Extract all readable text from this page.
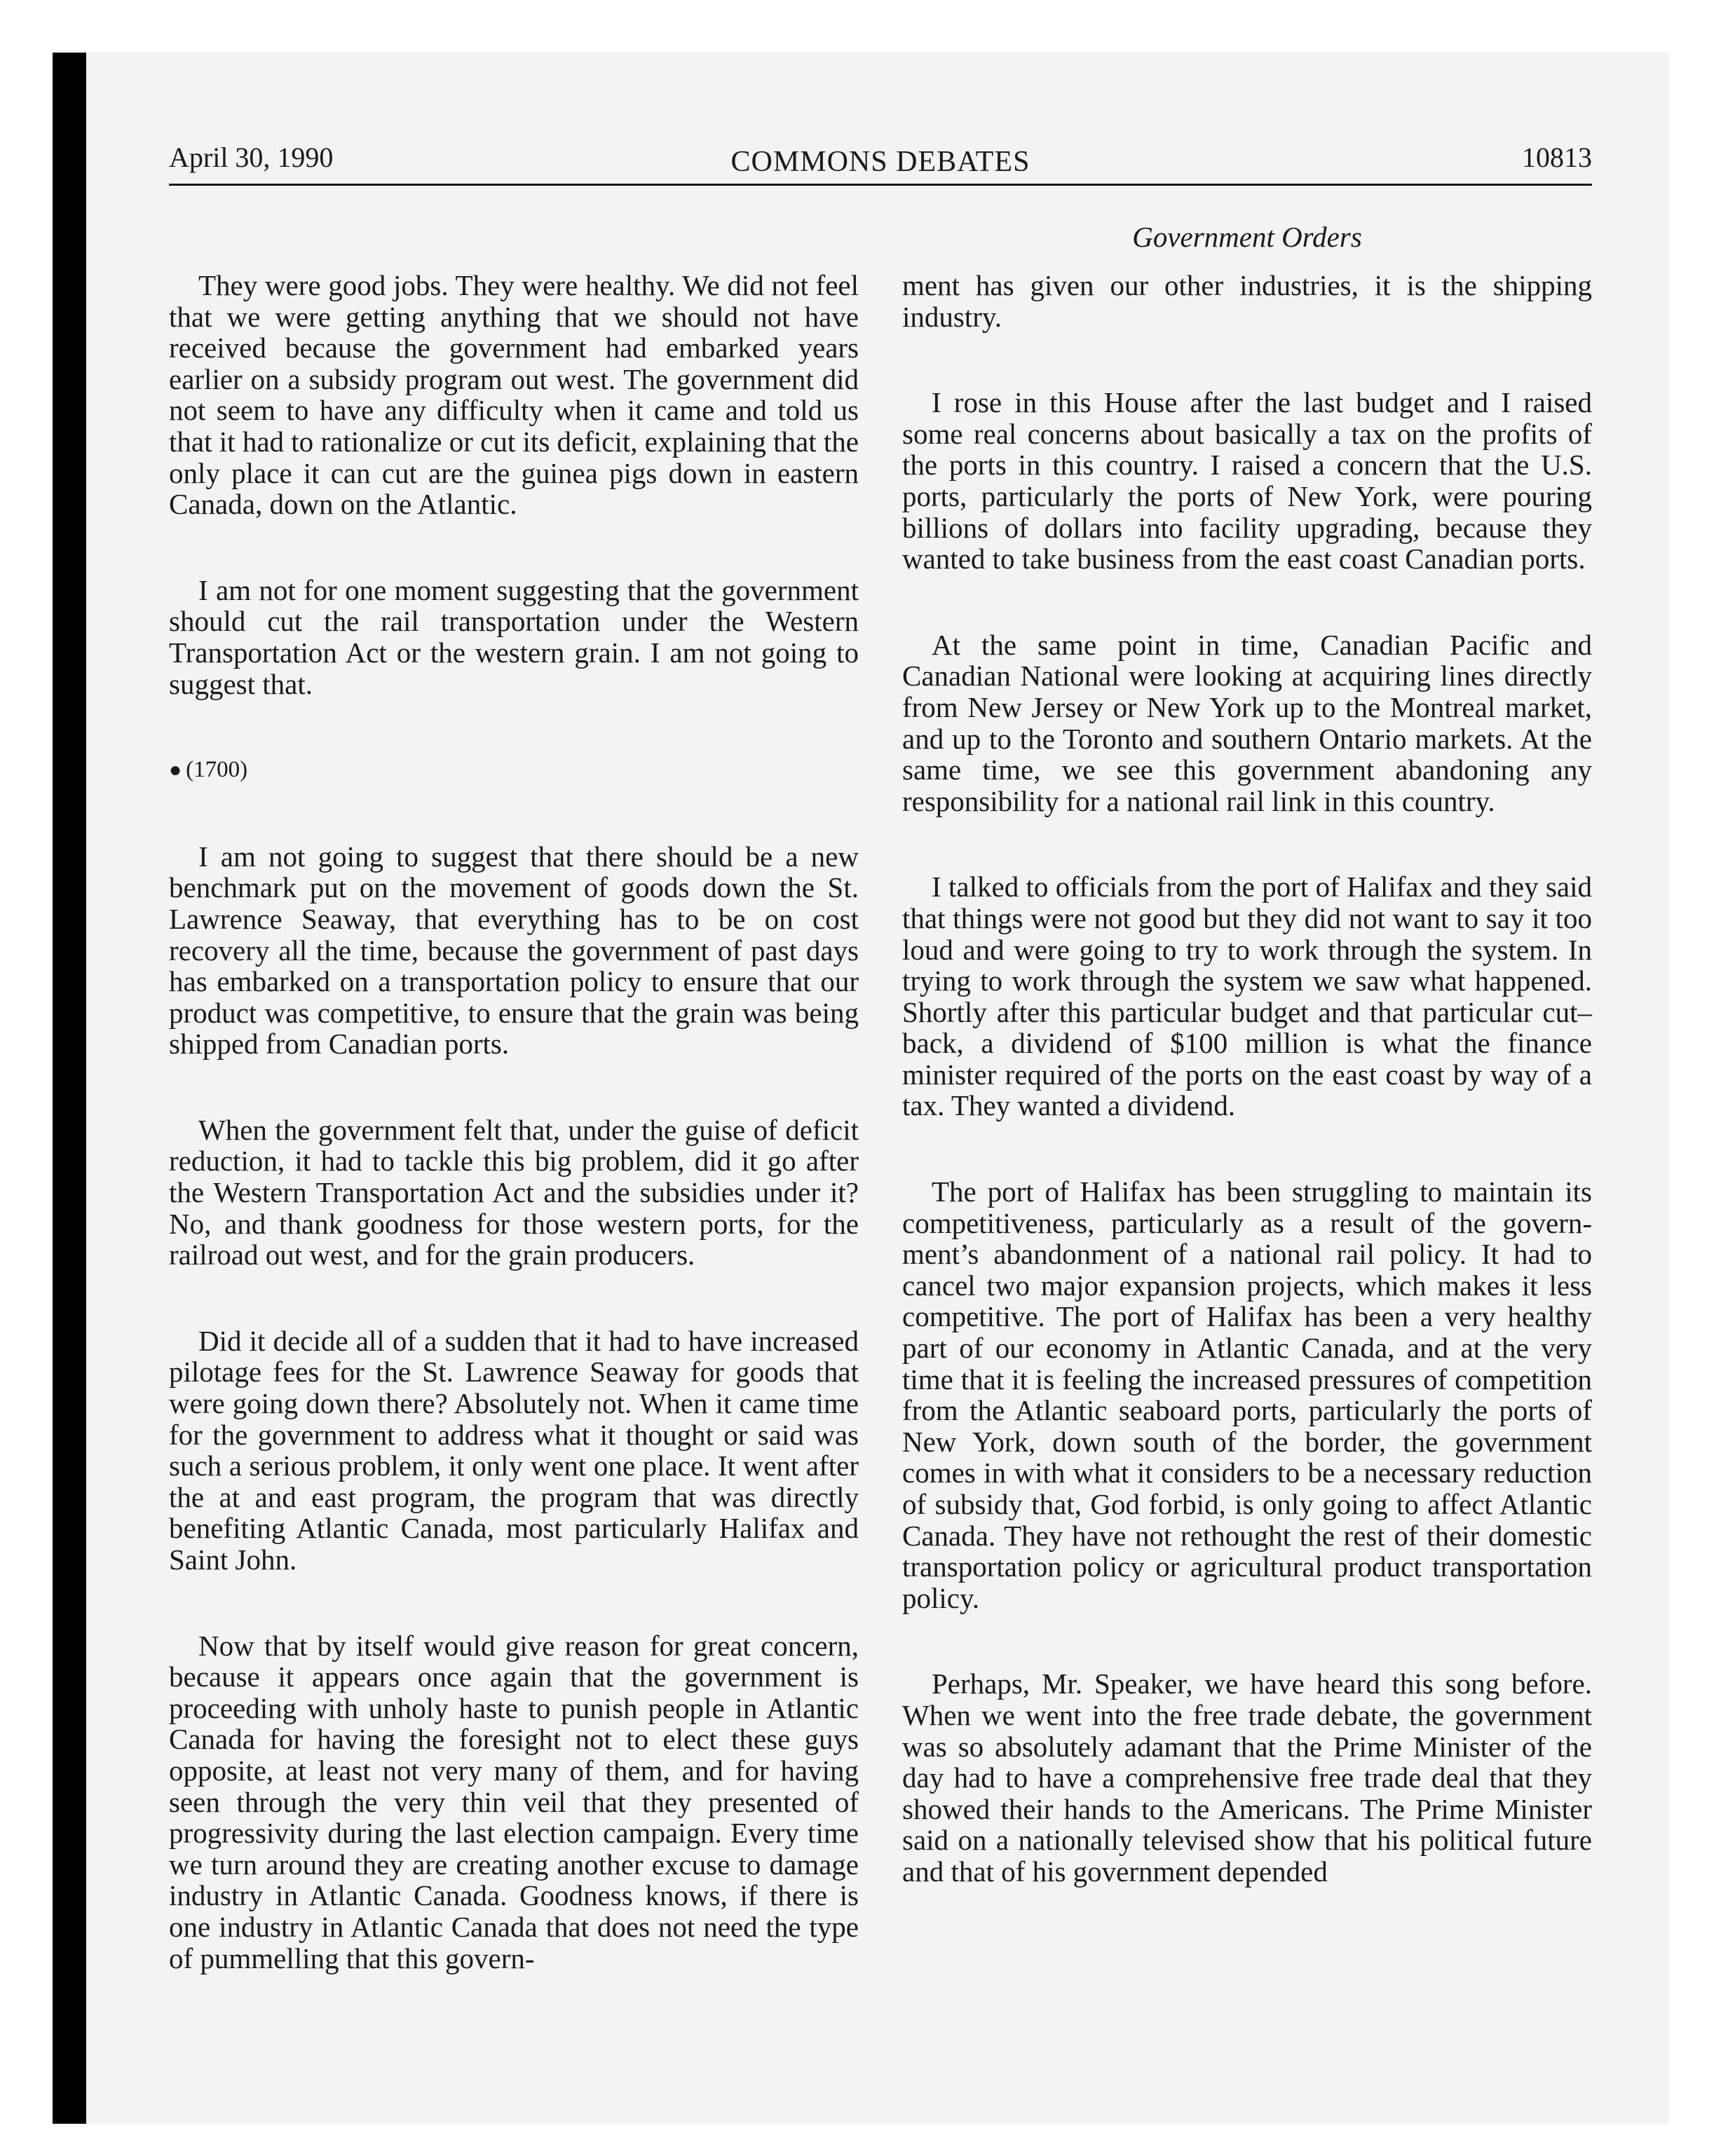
April 30, 1990	COMMONS DEBATES	10813
Government Orders

They were good jobs. They were healthy. We did not feel that we were getting anything that we should not have received because the government had embarked years earlier on a subsidy program out west. The government did not seem to have any difficulty when it came and told us that it had to rationalize or cut its deficit, explaining that the only place it can cut are the guinea pigs down in eastern Canada, down on the Atlantic.

I am not for one moment suggesting that the government should cut the rail transportation under the Western Transportation Act or the western grain. I am not going to suggest that.

● (1700)

I am not going to suggest that there should be a new benchmark put on the movement of goods down the St. Lawrence Seaway, that everything has to be on cost recovery all the time, because the government of past days has embarked on a transportation policy to ensure that our product was competitive, to ensure that the grain was being shipped from Canadian ports.

When the government felt that, under the guise of deficit reduction, it had to tackle this big problem, did it go after the Western Transportation Act and the subsidies under it? No, and thank goodness for those western ports, for the railroad out west, and for the grain producers.

Did it decide all of a sudden that it had to have increased pilotage fees for the St. Lawrence Seaway for goods that were going down there? Absolutely not. When it came time for the government to address what it thought or said was such a serious problem, it only went one place. It went after the at and east program, the program that was directly benefiting Atlantic Canada, most particularly Halifax and Saint John.

Now that by itself would give reason for great concern, because it appears once again that the government is proceeding with unholy haste to punish people in Atlantic Canada for having the foresight not to elect these guys opposite, at least not very many of them, and for having seen through the very thin veil that they presented of progressivity during the last election campaign. Every time we turn around they are creating another excuse to damage industry in Atlantic Canada. Goodness knows, if there is one industry in Atlantic Canada that does not need the type of pummelling that this govern-

ment has given our other industries, it is the shipping industry.

I rose in this House after the last budget and I raised some real concerns about basically a tax on the profits of the ports in this country. I raised a concern that the U.S. ports, particularly the ports of New York, were pouring billions of dollars into facility upgrading, because they wanted to take business from the east coast Canadian ports.

At the same point in time, Canadian Pacific and Canadian National were looking at acquiring lines directly from New Jersey or New York up to the Montreal market, and up to the Toronto and southern Ontario markets. At the same time, we see this government abandoning any responsibility for a national rail link in this country.

I talked to officials from the port of Halifax and they said that things were not good but they did not want to say it too loud and were going to try to work through the system. In trying to work through the system we saw what happened. Shortly after this particular budget and that particular cut–back, a dividend of $100 million is what the finance minister required of the ports on the east coast by way of a tax. They wanted a dividend.

The port of Halifax has been struggling to maintain its competitiveness, particularly as a result of the government’s abandonment of a national rail policy. It had to cancel two major expansion projects, which makes it less competitive. The port of Halifax has been a very healthy part of our economy in Atlantic Canada, and at the very time that it is feeling the increased pressures of competition from the Atlantic seaboard ports, particularly the ports of New York, down south of the border, the government comes in with what it considers to be a necessary reduction of subsidy that, God forbid, is only going to affect Atlantic Canada. They have not rethought the rest of their domestic transportation policy or agricultural product transportation policy.

Perhaps, Mr. Speaker, we have heard this song before. When we went into the free trade debate, the government was so absolutely adamant that the Prime Minister of the day had to have a comprehensive free trade deal that they showed their hands to the Americans. The Prime Minister said on a nationally televised show that his political future and that of his government depended
